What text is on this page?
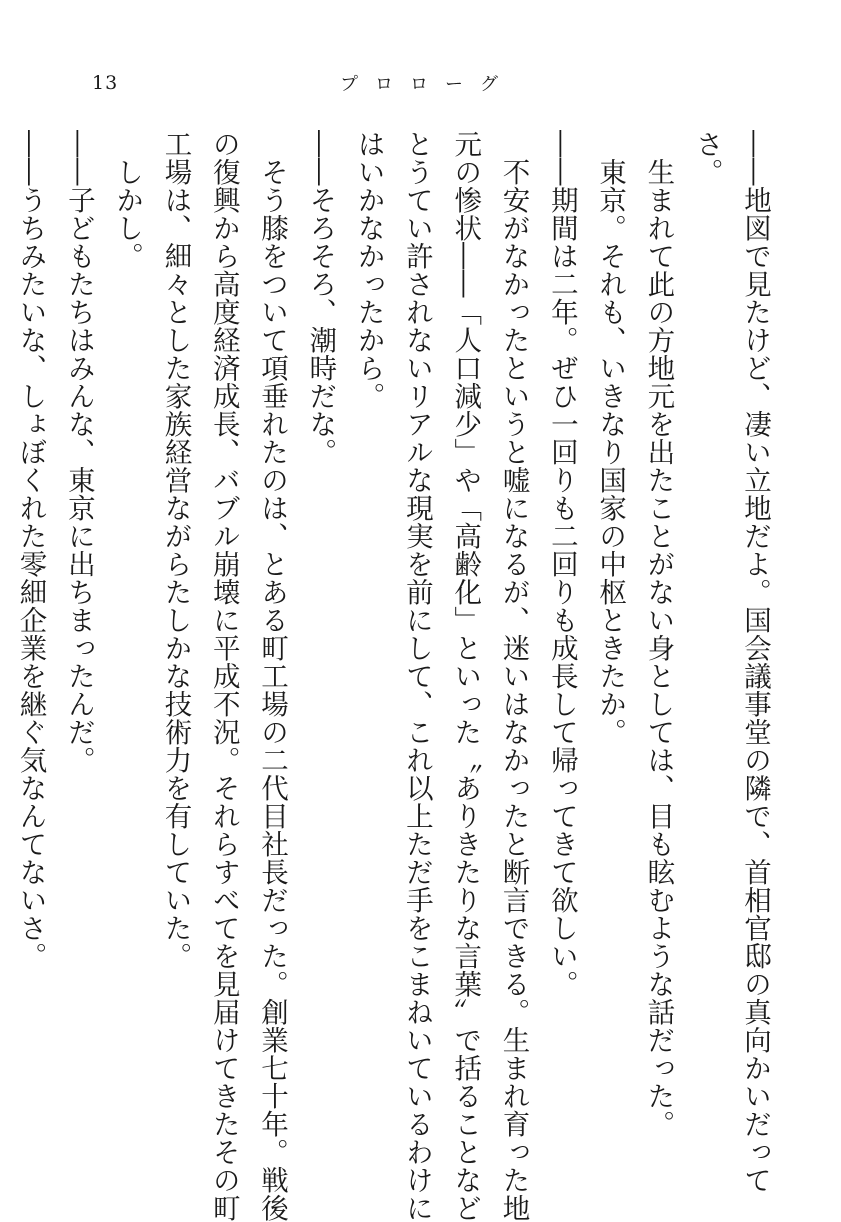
13	プロローグ

――地図で見たけど、凄い立地だよ。国会議事堂の隣で、首相官邸の真向かいだって

さ。

　生まれて此の方地元を出たことがない身としては、目も眩むような話だった。

　東京。それも、いきなり国家の中枢ときたか。

――期間は二年。ぜひ一回りも二回りも成長して帰ってきて欲しい。

　不安がなかったというと嘘になるが、迷いはなかったと断言できる。生まれ育った地

元の惨状――「人口減少」や「高齢化」といった〝ありきたりな言葉〟で括ることなど

とうてい許されないリアルな現実を前にして、これ以上ただ手をこまねいているわけに

はいかなかったから。

――そろそろ、潮時だな。

　そう膝をついて項垂れたのは、とある町工場の二代目社長だった。創業七十年。戦後

の復興から高度経済成長、バブル崩壊に平成不況。それらすべてを見届けてきたその町

工場は、細々とした家族経営ながらたしかな技術力を有していた。

　しかし。

――子どもたちはみんな、東京に出ちまったんだ。

――うちみたいな、しょぼくれた零細企業を継ぐ気なんてないさ。
